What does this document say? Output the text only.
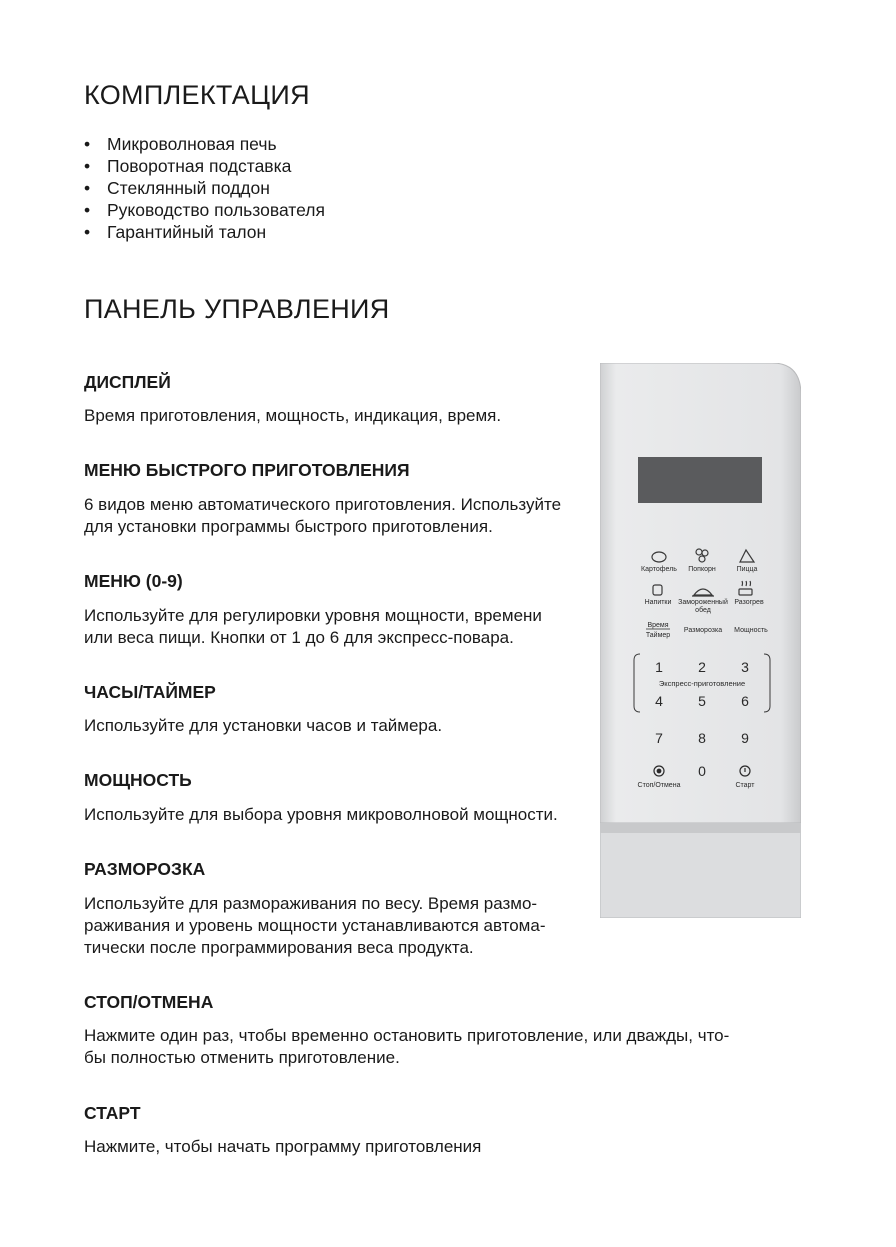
КОМПЛЕКТАЦИЯ
• Микроволновая печь
• Поворотная подставка
• Стеклянный поддон
• Руководство пользователя
• Гарантийный талон
ПАНЕЛЬ УПРАВЛЕНИЯ
ДИСПЛЕЙ

Время приготовления, мощность, индикация, время.

МЕНЮ БЫСТРОГО ПРИГОТОВЛЕНИЯ

6 видов меню автоматического приготовления. Используйте
для установки программы быстрого приготовления.

МЕНЮ (0-9)

Используйте для регулировки уровня мощности, времени
или веса пищи. Кнопки от 1 до 6 для экспресс-повара.

ЧАСЫ/ТАЙМЕР

Используйте для установки часов и таймера.

МОЩНОСТЬ

Используйте для выбора уровня микроволновой мощности.

РАЗМОРОЗКА

Используйте для размораживания по весу. Время размо-
раживания и уровень мощности устанавливаются автома-
тически после программирования веса продукта.

СТОП/ОТМЕНА

Нажмите один раз, чтобы временно остановить приготовление, или дважды, что-
бы полностью отменить приготовление.

СТАРТ

Нажмите, чтобы начать программу приготовления

Картофель Попкорн	Пицца
Напитки Замороженный
обед
Разогрев
Время
Таймер
Разморозка Мощность
1	2	3
Экспресс-приготовление
4	5	6
7	8	9
0
Стоп/Отмена	Старт
